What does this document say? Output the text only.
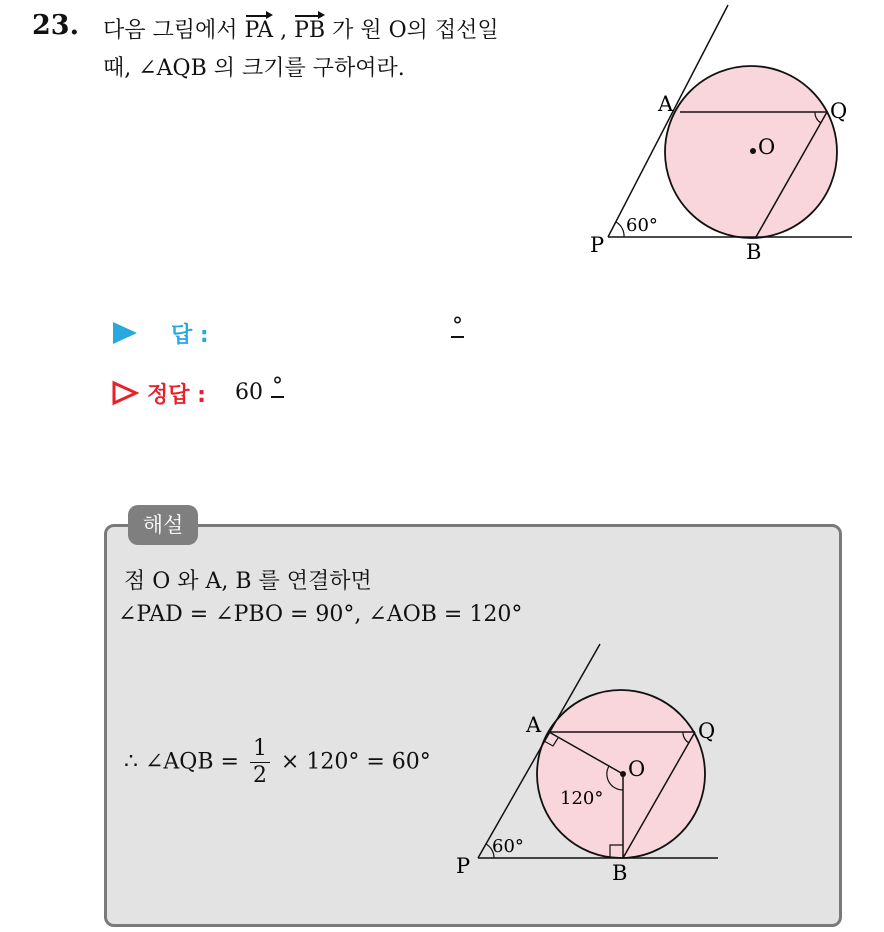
23. 다음 그림에서 PA , PB 가 원 O의 접선일
때, ∠AQB 의 크기를 구하여라.
A	Q
O
P	B
60°
답 :	°
정답 : 60 °
해설
점 O 와 A, B 를 연결하면
∠PAD = ∠PBO = 90°, ∠AOB = 120°
∴ ∠AQB = $\frac{1}{2} \times 120^\circ = 60^\circ$
A	Q
O
P	B
60°
120°
